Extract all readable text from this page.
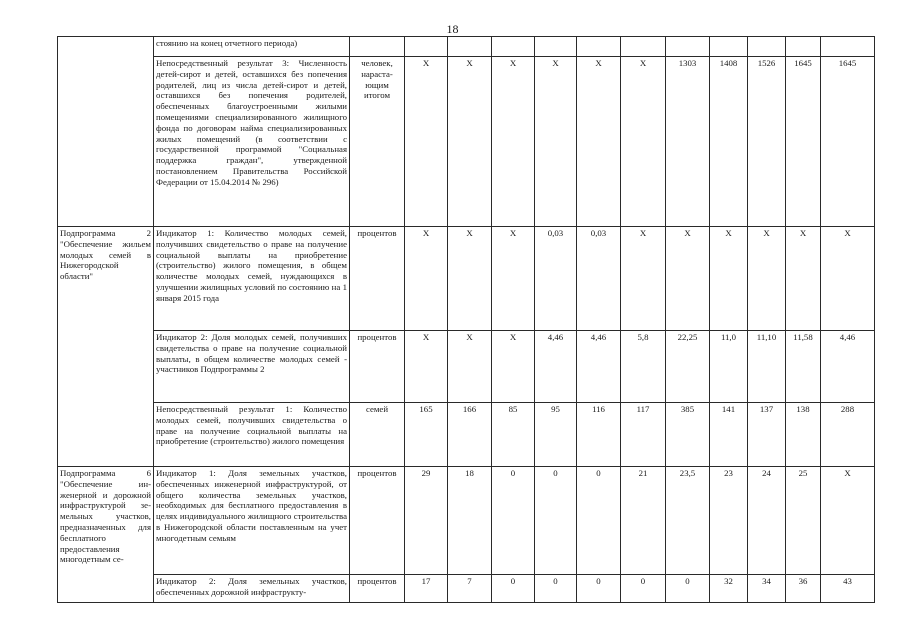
18
	стоянию на конец отчетного периода)												
	Непосредственный результат 3: Численность детей-сирот и детей, оставшихся без попечения родителей, лиц из числа детей-сирот и детей, оставшихся без попечения родителей, обеспеченных благоустроенными жилыми помещениями специализированного жилищного фонда по договорам найма специализированных жилых помещений (в соответствии с государственной программой "Социальная поддержка граждан", утвержденной постановлением Правительства Российской Федерации от 15.04.2014 № 296)	человек, нарастающим итогом	X	X	X	X	X	X	1303	1408	1526	1645	1645
Подпрограмма 2 "Обеспечение жильем молодых семей в Нижегородской области"	Индикатор 1: Количество молодых семей, получивших свидетельство о праве на получение социальной выплаты на приобретение (строительство) жилого помещения, в общем количестве молодых семей, нуждающихся в улучшении жилищных условий по состоянию на 1 января 2015 года	процентов	X	X	X	0,03	0,03	X	X	X	X	X	X
	Индикатор 2: Доля молодых семей, получивших свидетельства о праве на получение социальной выплаты, в общем количестве молодых семей - участников Подпрограммы 2	процентов	X	X	X	4,46	4,46	5,8	22,25	11,0	11,10	11,58	4,46
	Непосредственный результат 1: Количество молодых семей, получивших свидетельства о праве на получение социальной выплаты на приобретение (строительство) жилого помещения	семей	165	166	85	95	116	117	385	141	137	138	288
Подпрограмма 6 "Обеспечение инженерной и дорожной инфраструктурой земельных участков, предназначенных для бесплатного предоставления многодетным се-	Индикатор 1: Доля земельных участков, обеспеченных инженерной инфраструктурой, от общего количества земельных участков, необходимых для бесплатного предоставления в целях индивидуального жилищного строительства в Нижегородской области поставленным на учет многодетным семьям	процентов	29	18	0	0	0	21	23,5	23	24	25	X
	Индикатор 2: Доля земельных участков, обеспеченных дорожной инфраструкту-	процентов	17	7	0	0	0	0	0	32	34	36	43
